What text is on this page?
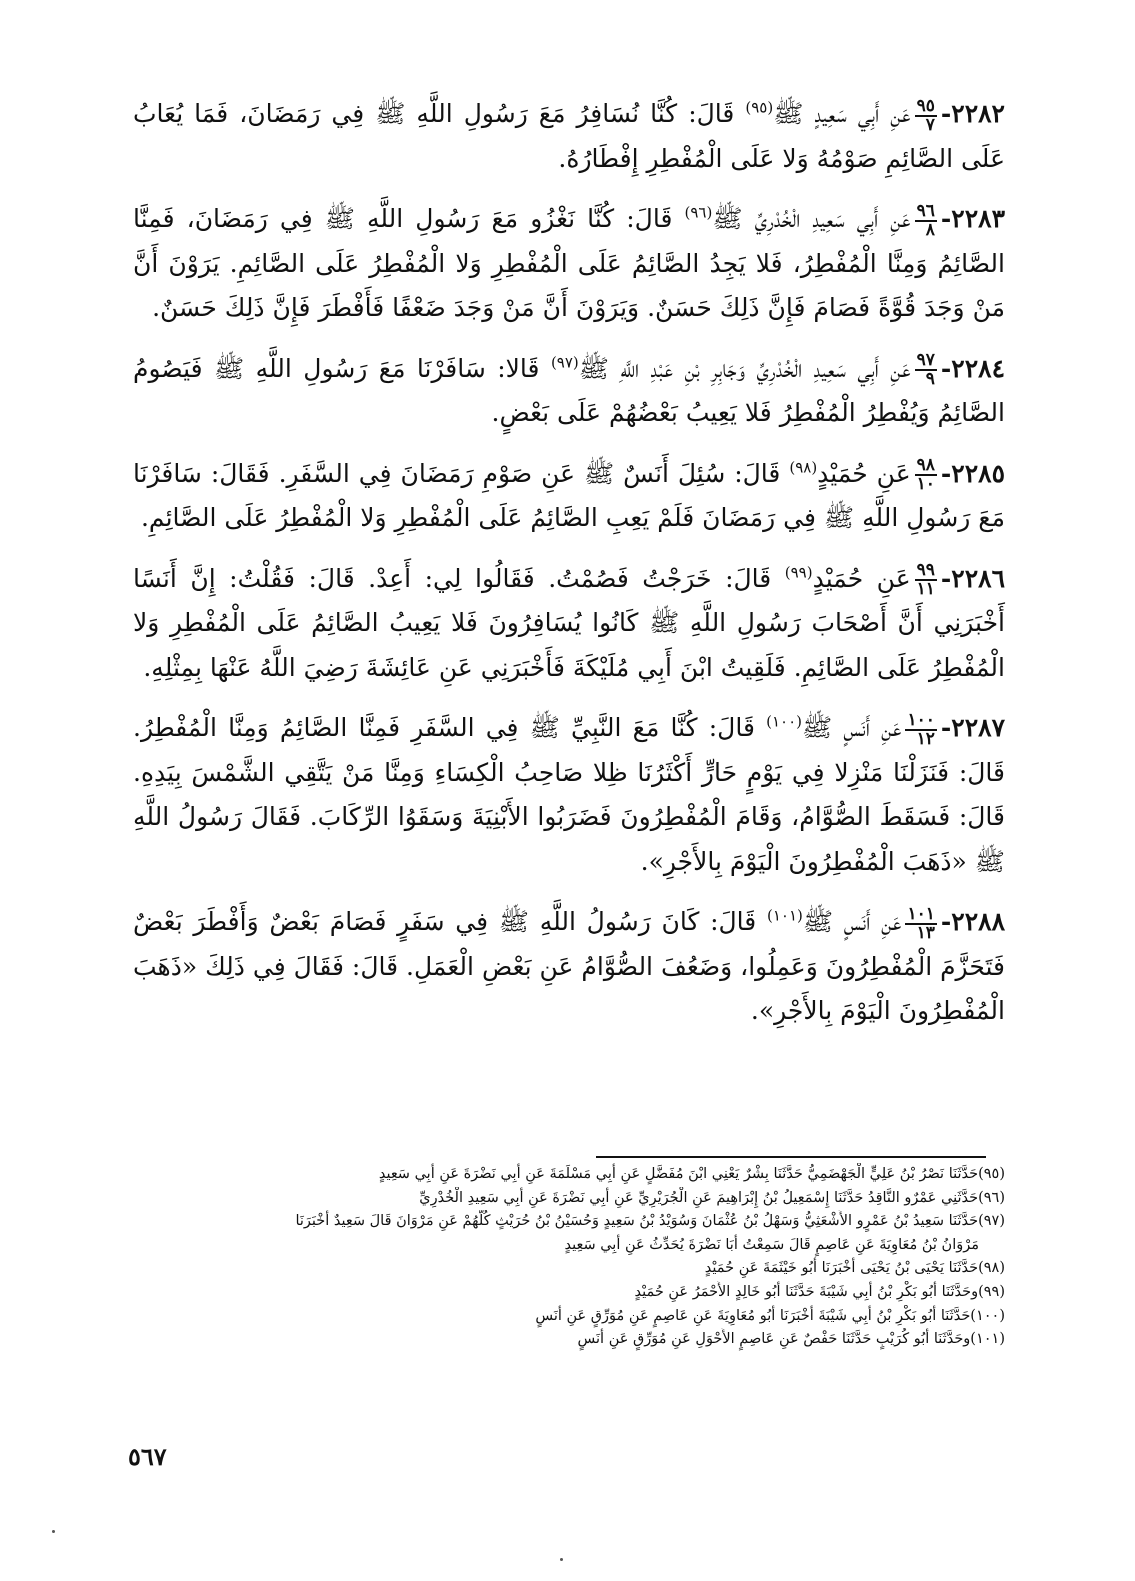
٢٢٨٢-
$\frac{٩٥}{٧}$
عَنِ أَبِي سَعِيدٍ ﷺ$^{(٩٥)}$ قَالَ: كُنَّا نُسَافِرُ مَعَ رَسُولِ اللَّهِ ﷺ فِي رَمَضَانَ، فَمَا يُعَابُ عَلَى الصَّائِمِ صَوْمُهُ وَلا عَلَى الْمُفْطِرِ إِفْطَارُهُ.

٢٢٨٣-
$\frac{٩٦}{٨}$
عَنِ أَبِي سَعِيدِ الْخُدْرِيِّ ﷺ$^{(٩٦)}$ قَالَ: كُنَّا نَغْزُو مَعَ رَسُولِ اللَّهِ ﷺ فِي رَمَضَانَ، فَمِنَّا الصَّائِمُ وَمِنَّا الْمُفْطِرُ، فَلا يَجِدُ الصَّائِمُ عَلَى الْمُفْطِرِ وَلا الْمُفْطِرُ عَلَى الصَّائِمِ. يَرَوْنَ أَنَّ مَنْ وَجَدَ قُوَّةً فَصَامَ فَإِنَّ ذَلِكَ حَسَنٌ. وَيَرَوْنَ أَنَّ مَنْ وَجَدَ ضَعْفًا فَأَفْطَرَ فَإِنَّ ذَلِكَ حَسَنٌ.

٢٢٨٤-
$\frac{٩٧}{٩}$
عَنِ أَبِي سَعِيدِ الْخُدْرِيِّ وَجَابِرِ بْنِ عَبْدِ اللَّهِ ﷺ$^{(٩٧)}$ قَالا: سَافَرْنَا مَعَ رَسُولِ اللَّهِ ﷺ فَيَصُومُ الصَّائِمُ وَيُفْطِرُ الْمُفْطِرُ فَلا يَعِيبُ بَعْضُهُمْ عَلَى بَعْضٍ.

٢٢٨٥-
$\frac{٩٨}{١٠}$
عَنِ حُمَيْدٍ$^{(٩٨)}$ قَالَ: سُئِلَ أَنَسٌ ﷺ عَنِ صَوْمِ رَمَضَانَ فِي السَّفَرِ. فَقَالَ: سَافَرْنَا مَعَ رَسُولِ اللَّهِ ﷺ فِي رَمَضَانَ فَلَمْ يَعِبِ الصَّائِمُ عَلَى الْمُفْطِرِ وَلا الْمُفْطِرُ عَلَى الصَّائِمِ.

٢٢٨٦-
$\frac{٩٩}{١١}$
عَنِ حُمَيْدٍ$^{(٩٩)}$ قَالَ: خَرَجْتُ فَصُمْتُ. فَقَالُوا لِي: أَعِدْ. قَالَ: فَقُلْتُ: إِنَّ أَنَسًا أَخْبَرَنِي أَنَّ أَصْحَابَ رَسُولِ اللَّهِ ﷺ كَانُوا يُسَافِرُونَ فَلا يَعِيبُ الصَّائِمُ عَلَى الْمُفْطِرِ وَلا الْمُفْطِرُ عَلَى الصَّائِمِ. فَلَقِيتُ ابْنَ أَبِي مُلَيْكَةَ فَأَخْبَرَنِي عَنِ عَائِشَةَ رَضِيَ اللَّهُ عَنْهَا بِمِثْلِهِ.

٢٢٨٧-
$\frac{١٠٠}{١٢}$
عَنِ أَنَسٍ ﷺ$^{(١٠٠)}$ قَالَ: كُنَّا مَعَ النَّبِيِّ ﷺ فِي السَّفَرِ فَمِنَّا الصَّائِمُ وَمِنَّا الْمُفْطِرُ. قَالَ: فَنَزَلْنَا مَنْزِلا فِي يَوْمٍ حَارٍّ أَكْثَرُنَا ظِلا صَاحِبُ الْكِسَاءِ وَمِنَّا مَنْ يَتَّقِي الشَّمْسَ بِيَدِهِ. قَالَ: فَسَقَطَ الصُّوَّامُ، وَقَامَ الْمُفْطِرُونَ فَضَرَبُوا الأَبْنِيَةَ وَسَقَوُا الرِّكَابَ. فَقَالَ رَسُولُ اللَّهِ ﷺ «ذَهَبَ الْمُفْطِرُونَ الْيَوْمَ بِالأَجْرِ».

٢٢٨٨-
$\frac{١٠١}{١٣}$
عَنِ أَنَسٍ ﷺ$^{(١٠١)}$ قَالَ: كَانَ رَسُولُ اللَّهِ ﷺ فِي سَفَرٍ فَصَامَ بَعْضٌ وَأَفْطَرَ بَعْضٌ فَتَحَزَّمَ الْمُفْطِرُونَ وَعَمِلُوا، وَضَعُفَ الصُّوَّامُ عَنِ بَعْضِ الْعَمَلِ. قَالَ: فَقَالَ فِي ذَلِكَ «ذَهَبَ الْمُفْطِرُونَ الْيَوْمَ بِالأَجْرِ».

(٩٥)حَدَّثَنَا نَصْرُ بْنُ عَلِيٍّ الْجَهْضَمِيُّ حَدَّثَنَا بِشْرٌ يَعْنِي ابْنَ مُفَضَّلٍ عَنِ أَبِي مَسْلَمَةَ عَنِ أَبِي نَضْرَةَ عَنِ أَبِي سَعِيدٍ
(٩٦)حَدَّثَنِي عَمْرٌو النَّاقِدُ حَدَّثَنَا إِسْمَعِيلُ بْنُ إِبْرَاهِيمَ عَنِ الْجُرَيْرِيِّ عَنِ أَبِي نَضْرَةَ عَنِ أَبِي سَعِيدِ الْخُدْرِيِّ
(٩٧)حَدَّثَنَا سَعِيدُ بْنُ عَمْرٍو الأَشْعَثِيُّ وَسَهْلُ بْنُ عُثْمَانَ وَسُوَيْدُ بْنُ سَعِيدٍ وَحُسَيْنُ بْنُ حُرَيْثٍ كُلُّهُمْ عَنِ مَرْوَانَ قَالَ سَعِيدٌ أَخْبَرَنَا
مَرْوَانُ بْنُ مُعَاوِيَةَ عَنِ عَاصِمٍ قَالَ سَمِعْتُ أَبَا نَضْرَةَ يُحَدِّثُ عَنِ أَبِي سَعِيدٍ
(٩٨)حَدَّثَنَا يَحْيَى بْنُ يَحْيَى أَخْبَرَنَا أَبُو خَيْثَمَةَ عَنِ حُمَيْدٍ
(٩٩)وحَدَّثَنَا أَبُو بَكْرِ بْنُ أَبِي شَيْبَةَ حَدَّثَنَا أَبُو خَالِدٍ الأَحْمَرُ عَنِ حُمَيْدٍ
(١٠٠)حَدَّثَنَا أَبُو بَكْرِ بْنُ أَبِي شَيْبَةَ أَخْبَرَنَا أَبُو مُعَاوِيَةَ عَنِ عَاصِمٍ عَنِ مُوَرِّقٍ عَنِ أَنَسٍ
(١٠١)وحَدَّثَنَا أَبُو كُرَيْبٍ حَدَّثَنَا حَفْصٌ عَنِ عَاصِمٍ الأَحْوَلِ عَنِ مُوَرِّقٍ عَنِ أَنَسٍ
٥٦٧
